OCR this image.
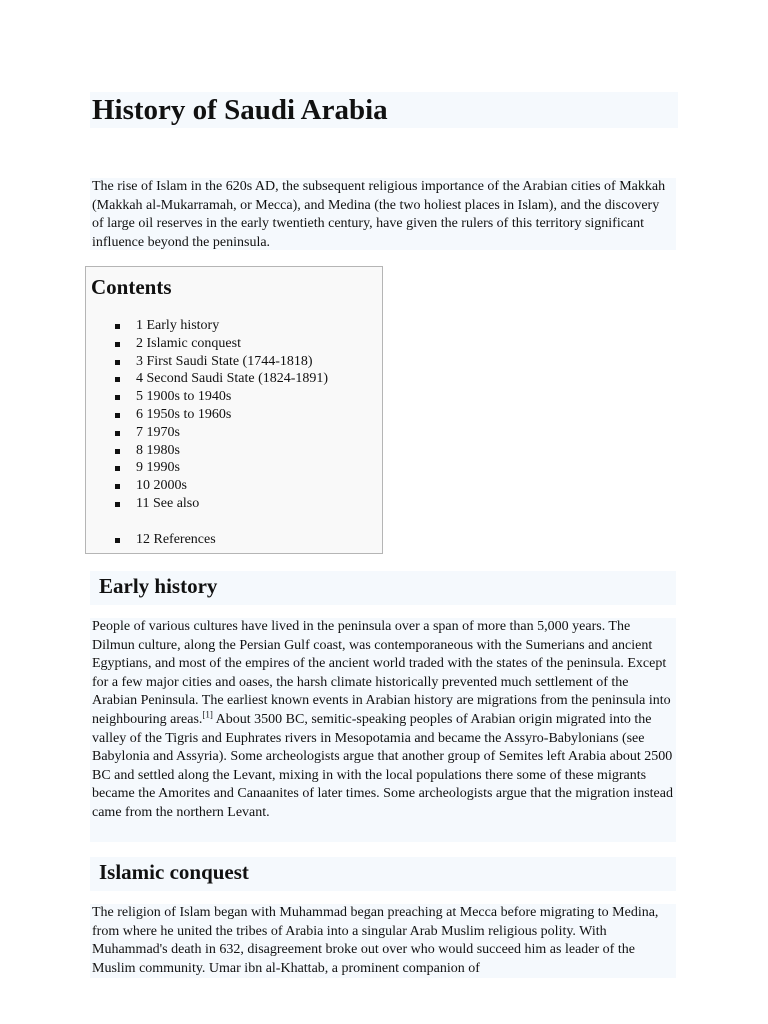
History of Saudi Arabia
The rise of Islam in the 620s AD, the subsequent religious importance of the Arabian cities of Makkah (Makkah al-Mukarramah, or Mecca), and Medina (the two holiest places in Islam), and the discovery of large oil reserves in the early twentieth century, have given the rulers of this territory significant influence beyond the peninsula.
Contents
1 Early history
2 Islamic conquest
3 First Saudi State (1744-1818)
4 Second Saudi State (1824-1891)
5 1900s to 1940s
6 1950s to 1960s
7 1970s
8 1980s
9 1990s
10 2000s
11 See also
12 References
Early history
People of various cultures have lived in the peninsula over a span of more than 5,000 years. The Dilmun culture, along the Persian Gulf coast, was contemporaneous with the Sumerians and ancient Egyptians, and most of the empires of the ancient world traded with the states of the peninsula. Except for a few major cities and oases, the harsh climate historically prevented much settlement of the Arabian Peninsula. The earliest known events in Arabian history are migrations from the peninsula into neighbouring areas.[1] About 3500 BC, semitic-speaking peoples of Arabian origin migrated into the valley of the Tigris and Euphrates rivers in Mesopotamia and became the Assyro-Babylonians (see Babylonia and Assyria). Some archeologists argue that another group of Semites left Arabia about 2500 BC and settled along the Levant, mixing in with the local populations there some of these migrants became the Amorites and Canaanites of later times. Some archeologists argue that the migration instead came from the northern Levant.
Islamic conquest
The religion of Islam began with Muhammad began preaching at Mecca before migrating to Medina, from where he united the tribes of Arabia into a singular Arab Muslim religious polity. With Muhammad's death in 632, disagreement broke out over who would succeed him as leader of the Muslim community. Umar ibn al-Khattab, a prominent companion of
